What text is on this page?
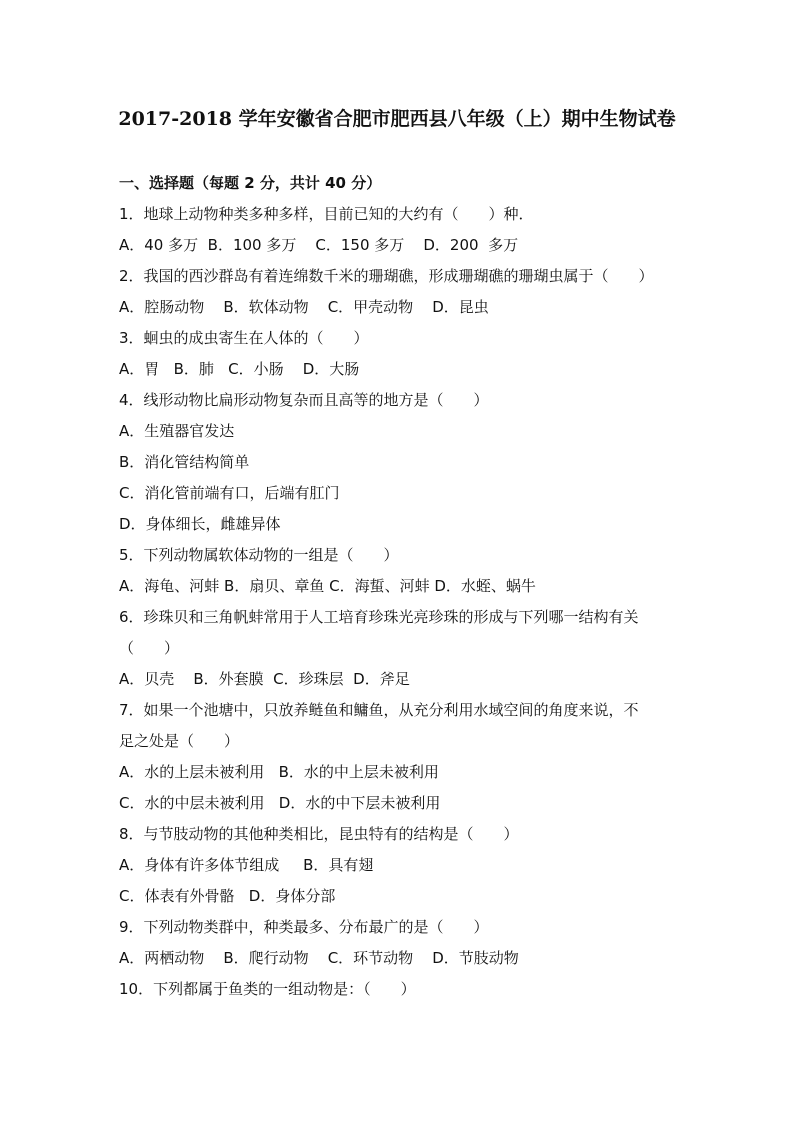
2017-2018 学年安徽省合肥市肥西县八年级（上）期中生物试卷
一、选择题（每题 2 分，共计 40 分）
1．地球上动物种类多种多样，目前已知的大约有（　　）种．
A．40 多万  B．100 多万    C．150 多万    D．200  多万
2．我国的西沙群岛有着连绵数千米的珊瑚礁，形成珊瑚礁的珊瑚虫属于（　　）
A．腔肠动物    B．软体动物    C．甲壳动物    D．昆虫
3．蛔虫的成虫寄生在人体的（　　）
A．胃   B．肺   C．小肠    D．大肠
4．线形动物比扁形动物复杂而且高等的地方是（　　）
A．生殖器官发达
B．消化管结构简单
C．消化管前端有口，后端有肛门
D．身体细长，雌雄异体
5．下列动物属软体动物的一组是（　　）
A．海龟、河蚌 B．扇贝、章鱼 C．海蜇、河蚌 D．水蛭、蜗牛
6．珍珠贝和三角帆蚌常用于人工培育珍珠光亮珍珠的形成与下列哪一结构有关
（　　）
A．贝壳    B．外套膜  C．珍珠层  D．斧足
7．如果一个池塘中，只放养鲢鱼和鳙鱼，从充分利用水域空间的角度来说，不
足之处是（　　）
A．水的上层未被利用   B．水的中上层未被利用
C．水的中层未被利用   D．水的中下层未被利用
8．与节肢动物的其他种类相比，昆虫特有的结构是（　　）
A．身体有许多体节组成     B．具有翅
C．体表有外骨骼   D．身体分部
9．下列动物类群中，种类最多、分布最广的是（　　）
A．两栖动物    B．爬行动物    C．环节动物    D．节肢动物
10．下列都属于鱼类的一组动物是：（　　）
